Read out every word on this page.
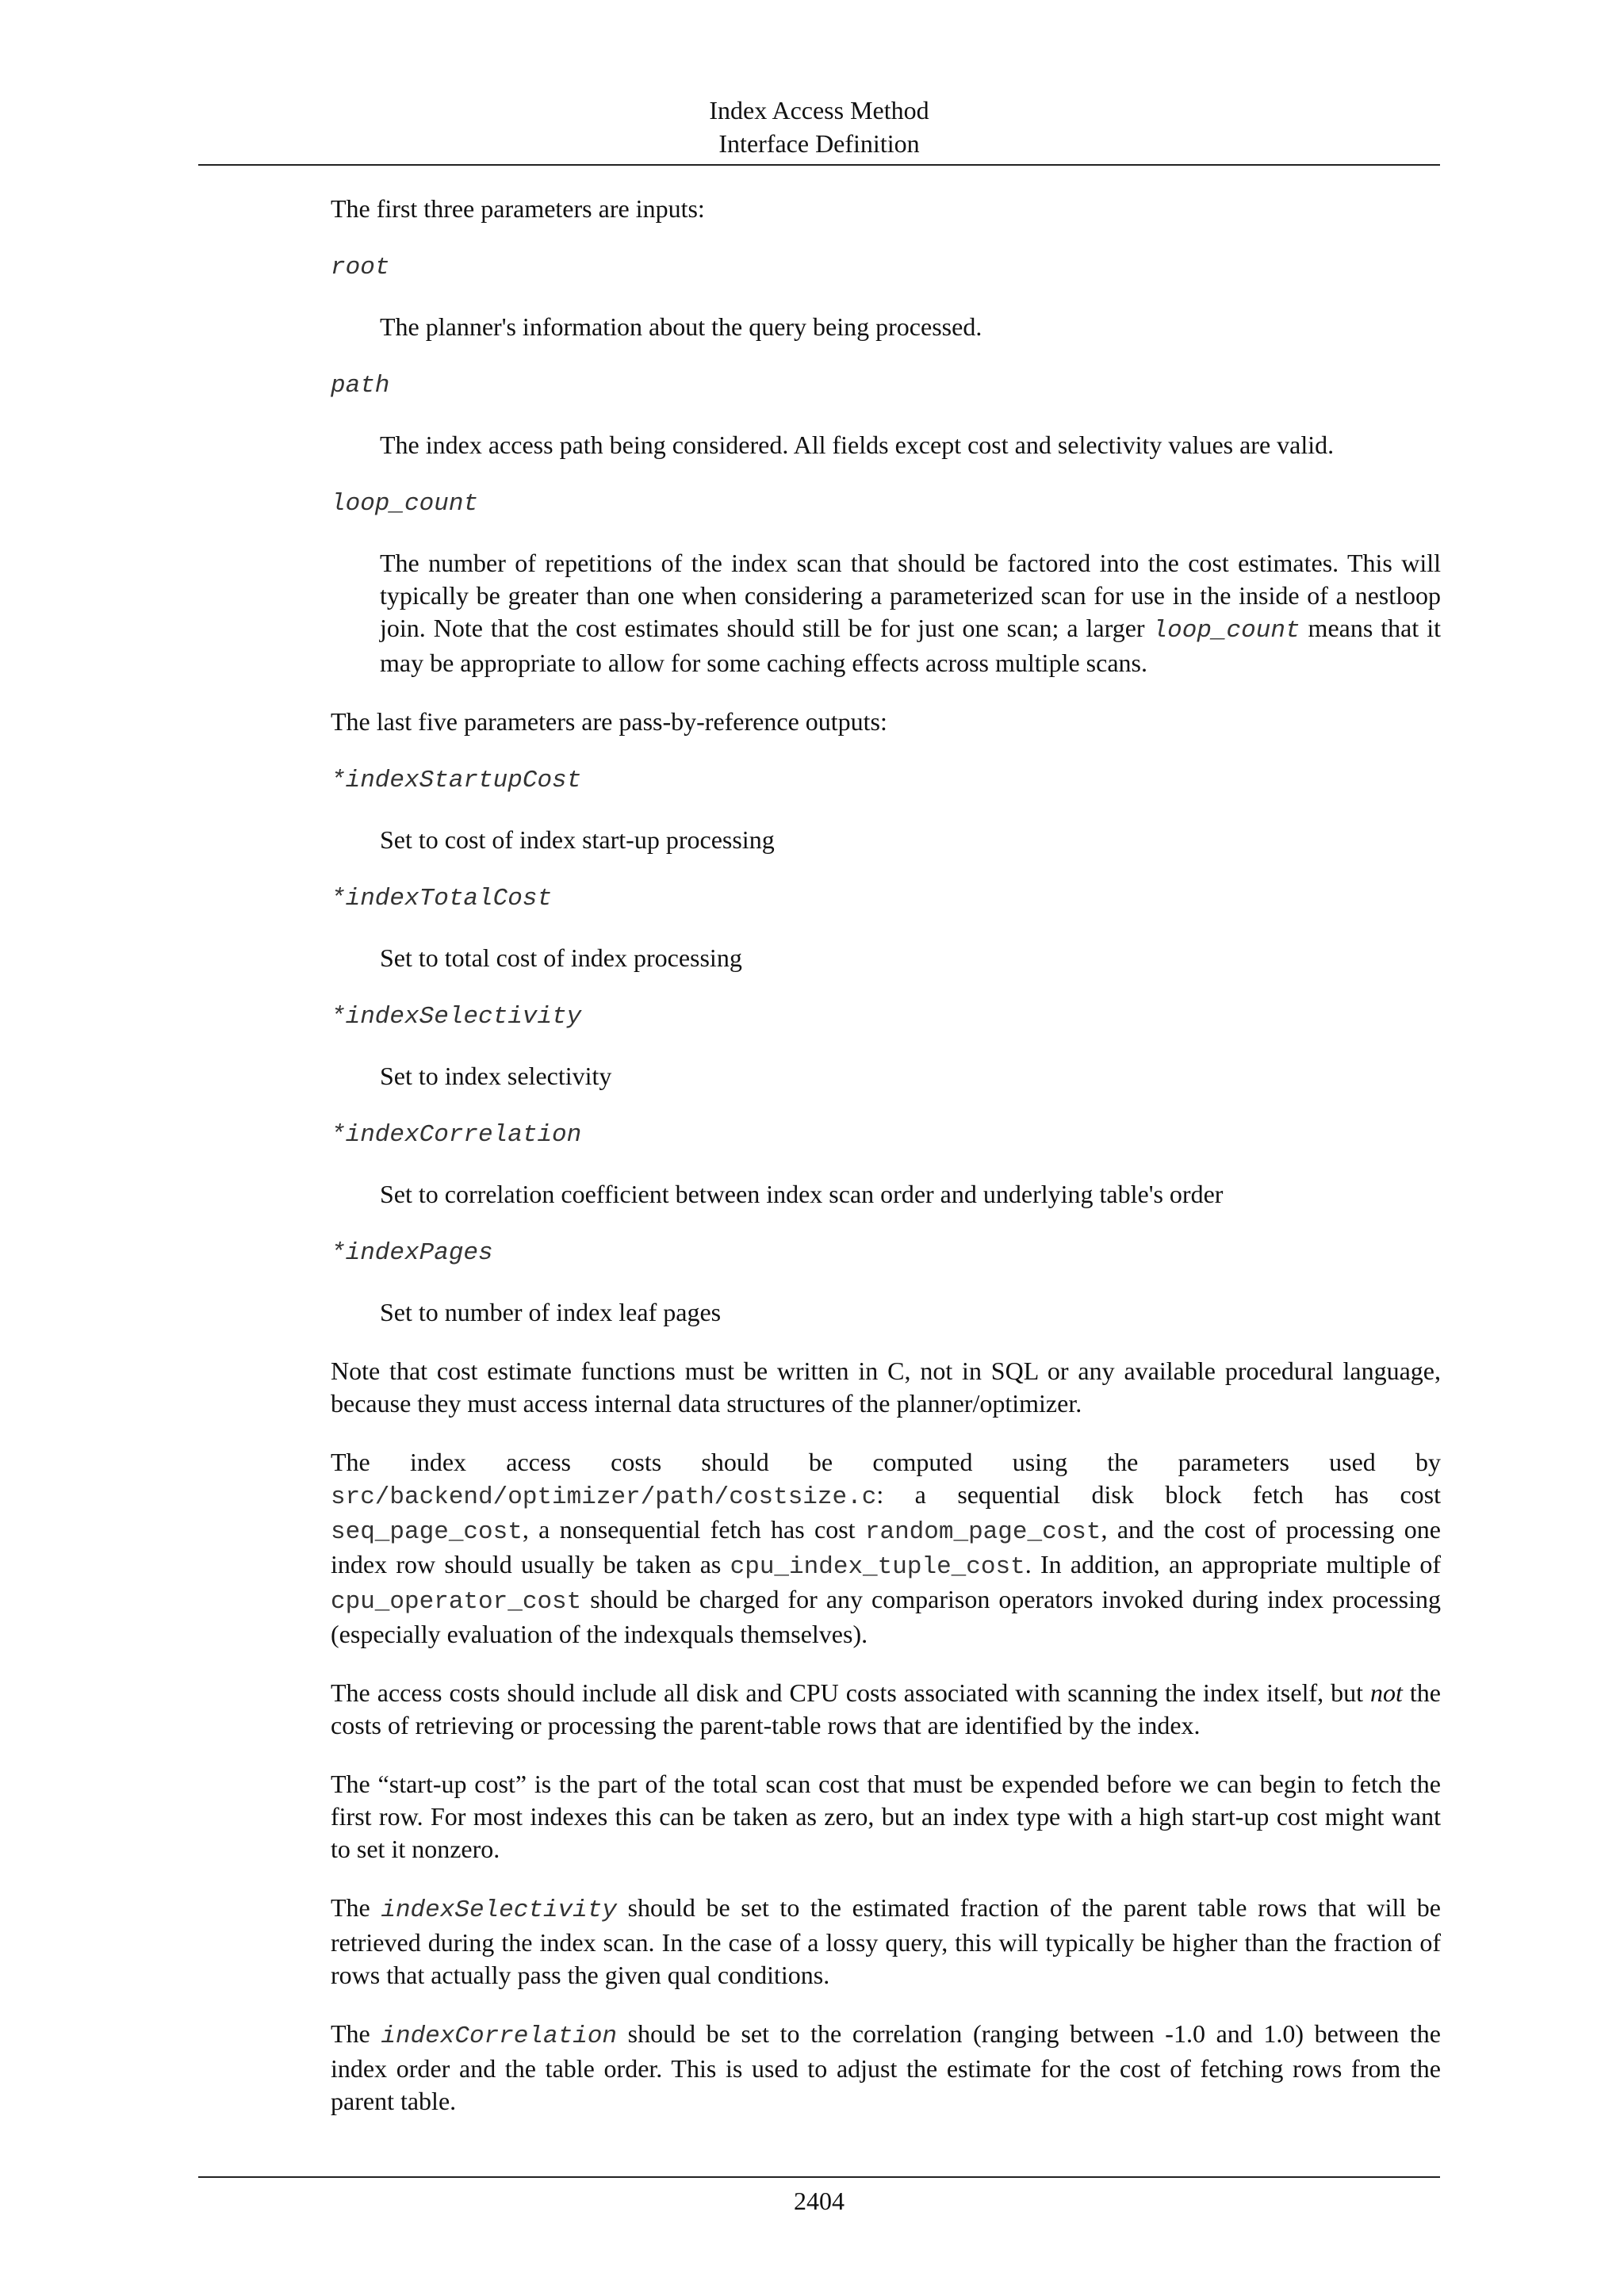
Index Access Method
Interface Definition

The first three parameters are inputs:

root

The planner's information about the query being processed.

path

The index access path being considered. All fields except cost and selectivity values are valid.

loop_count

The number of repetitions of the index scan that should be factored into the cost estimates. This will typically be greater than one when considering a parameterized scan for use in the inside of a nestloop join. Note that the cost estimates should still be for just one scan; a larger loop_count means that it may be appropriate to allow for some caching effects across multiple scans.

The last five parameters are pass-by-reference outputs:

*indexStartupCost

Set to cost of index start-up processing

*indexTotalCost

Set to total cost of index processing

*indexSelectivity

Set to index selectivity

*indexCorrelation

Set to correlation coefficient between index scan order and underlying table's order

*indexPages

Set to number of index leaf pages

Note that cost estimate functions must be written in C, not in SQL or any available procedural language, because they must access internal data structures of the planner/optimizer.

The index access costs should be computed using the parameters used by src/backend/optimizer/path/costsize.c: a sequential disk block fetch has cost seq_page_cost, a nonsequential fetch has cost random_page_cost, and the cost of processing one index row should usually be taken as cpu_index_tuple_cost. In addition, an appropriate multiple of cpu_operator_cost should be charged for any comparison operators invoked during index processing (especially evaluation of the indexquals themselves).

The access costs should include all disk and CPU costs associated with scanning the index itself, but not the costs of retrieving or processing the parent-table rows that are identified by the index.

The “start-up cost” is the part of the total scan cost that must be expended before we can begin to fetch the first row. For most indexes this can be taken as zero, but an index type with a high start-up cost might want to set it nonzero.

The indexSelectivity should be set to the estimated fraction of the parent table rows that will be retrieved during the index scan. In the case of a lossy query, this will typically be higher than the fraction of rows that actually pass the given qual conditions.

The indexCorrelation should be set to the correlation (ranging between -1.0 and 1.0) between the index order and the table order. This is used to adjust the estimate for the cost of fetching rows from the parent table.

2404
